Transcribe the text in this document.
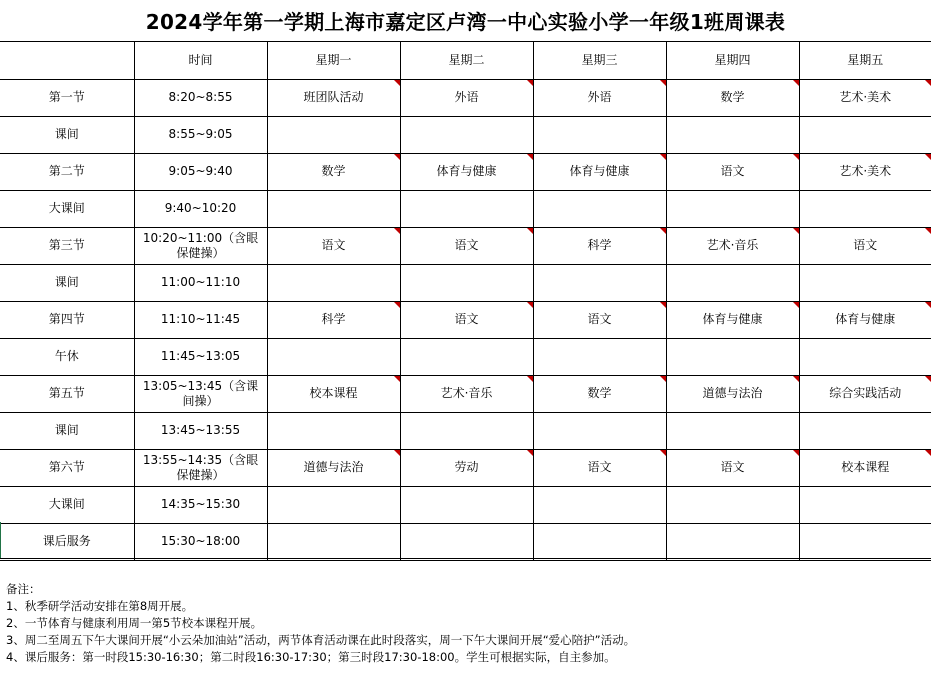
2024学年第一学期上海市嘉定区卢湾一中心实验小学一年级1班周课表
	时间	星期一	星期二	星期三	星期四	星期五
第一节	8:20~8:55	班团队活动	外语	外语	数学	艺术·美术

课间	8:55~9:05					
第二节	9:05~9:40	数学	体育与健康	体育与健康	语文	艺术·美术

大课间	9:40~10:20					
第三节	10:20~11:00（含眼保健操）	语文	语文	科学	艺术·音乐	语文

课间	11:00~11:10					
第四节	11:10~11:45	科学	语文	语文	体育与健康	体育与健康

午休	11:45~13:05					
第五节	13:05~13:45（含课间操）	校本课程	艺术·音乐	数学	道德与法治	综合实践活动

课间	13:45~13:55					
第六节	13:55~14:35（含眼保健操）	道德与法治	劳动	语文	语文	校本课程

大课间	14:35~15:30					
课后服务	15:30~18:00					
备注：
1、秋季研学活动安排在第8周开展。
2、一节体育与健康利用周一第5节校本课程开展。
3、周二至周五下午大课间开展“小云朵加油站”活动，两节体育活动课在此时段落实，周一下午大课间开展“爱心陪护”活动。
4、课后服务：第一时段15:30-16:30；第二时段16:30-17:30；第三时段17:30-18:00。学生可根据实际，自主参加。
